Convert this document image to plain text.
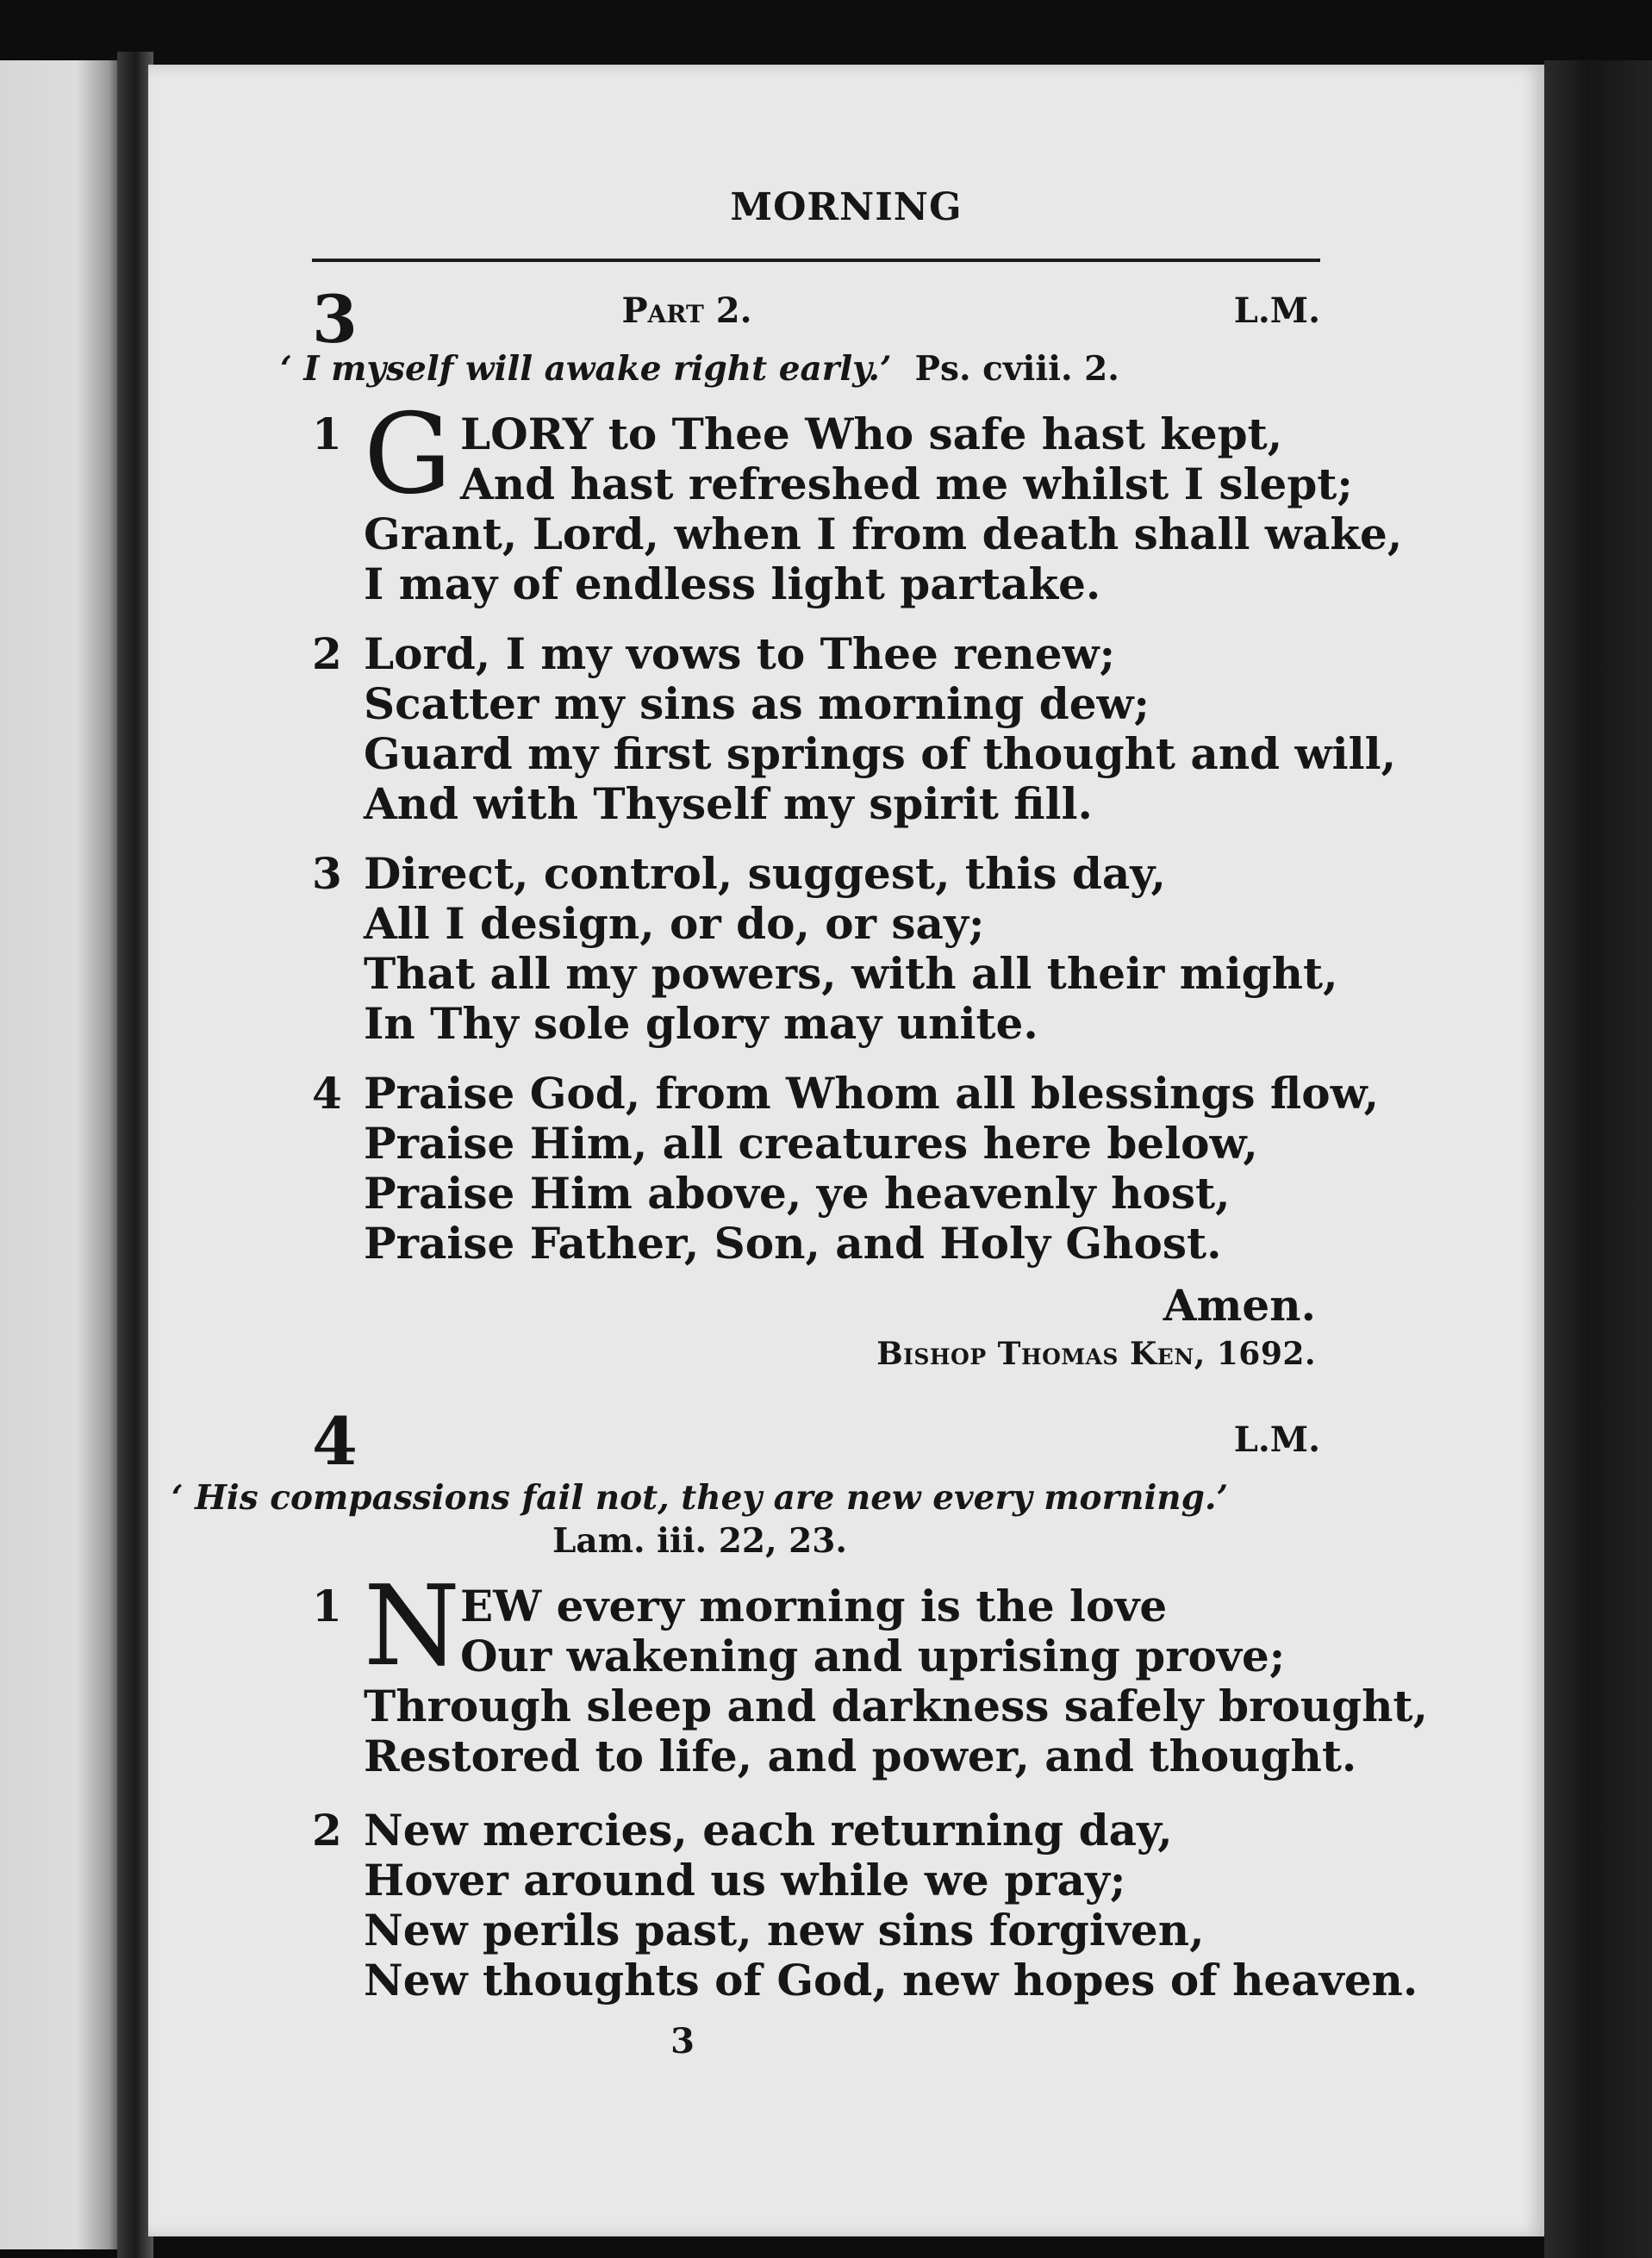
MORNING
3	Part 2.	L.M.
‘ I myself will awake right early.’ Ps. cviii. 2.
1 G LORY to Thee Who safe hast kept,
And hast refreshed me whilst I slept;
Grant, Lord, when I from death shall wake,
I may of endless light partake.
2 Lord, I my vows to Thee renew;
Scatter my sins as morning dew;
Guard my first springs of thought and will,
And with Thyself my spirit fill.
3 Direct, control, suggest, this day,
All I design, or do, or say;
That all my powers, with all their might,
In Thy sole glory may unite.
4 Praise God, from Whom all blessings flow,
Praise Him, all creatures here below,
Praise Him above, ye heavenly host,
Praise Father, Son, and Holy Ghost.
Amen.
Bishop Thomas Ken, 1692.
4	L.M.
‘ His compassions fail not, they are new every morning.’
Lam. iii. 22, 23.
1 N EW every morning is the love
Our wakening and uprising prove;
Through sleep and darkness safely brought,
Restored to life, and power, and thought.
2 New mercies, each returning day,
Hover around us while we pray;
New perils past, new sins forgiven,
New thoughts of God, new hopes of heaven.
3
